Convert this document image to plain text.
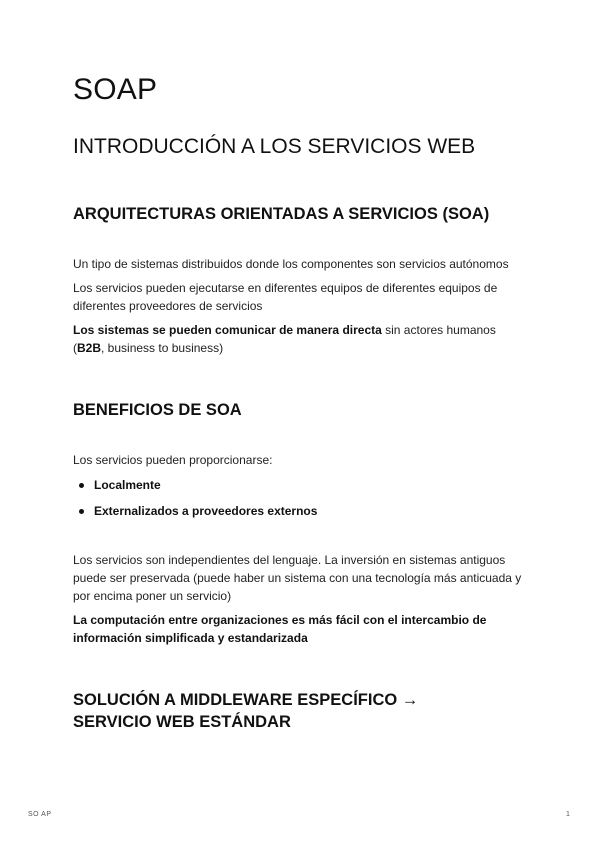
SOAP
INTRODUCCIÓN A LOS SERVICIOS WEB
ARQUITECTURAS ORIENTADAS A SERVICIOS (SOA)

Un tipo de sistemas distribuidos donde los componentes son servicios autónomos

Los servicios pueden ejecutarse en diferentes equipos de diferentes equipos de diferentes proveedores de servicios

Los sistemas se pueden comunicar de manera directa sin actores humanos (B2B, business to business)

BENEFICIOS DE SOA

Los servicios pueden proporcionarse:

Localmente
Externalizados a proveedores externos

Los servicios son independientes del lenguaje. La inversión en sistemas antiguos puede ser preservada (puede haber un sistema con una tecnología más anticuada y por encima poner un servicio)

La computación entre organizaciones es más fácil con el intercambio de información simplificada y estandarizada

SOLUCIÓN A MIDDLEWARE ESPECÍFICO →
SERVICIO WEB ESTÁNDAR
SO AP	1
